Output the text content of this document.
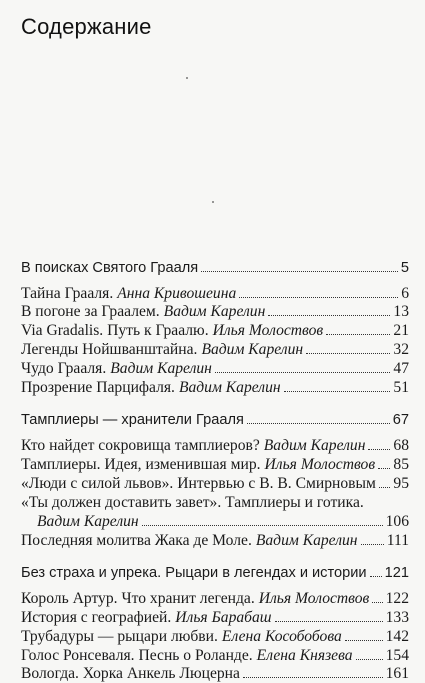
Содержание
В поисках Святого Грааля	5
Тайна Грааля. Анна Кривошеина	6
В погоне за Граалем. Вадим Карелин	13
Via Gradalis. Путь к Граалю. Илья Молоствов	21
Легенды Нойшванштайна. Вадим Карелин	32
Чудо Грааля. Вадим Карелин	47
Прозрение Парцифаля. Вадим Карелин	51
Тамплиеры — хранители Грааля	67
Кто найдет сокровища тамплиеров? Вадим Карелин 68
Тамплиеры. Идея, изменившая мир. Илья Молоствов 85
«Люди с силой львов». Интервью с В. В. Смирновым 95
«Ты должен доставить завет». Тамплиеры и готика.
Вадим Карелин	106
Последняя молитва Жака де Моле. Вадим Карелин 111
Без страха и упрека. Рыцари в легендах и истории 121
Король Артур. Что хранит легенда. Илья Молоствов 122
История с географией. Илья Барабаш	133
Трубадуры — рыцари любви. Елена Кособобова	142
Голос Ронсеваля. Песнь о Роланде. Елена Князева 154
Вологда. Хорка Анкель Люцерна	161
